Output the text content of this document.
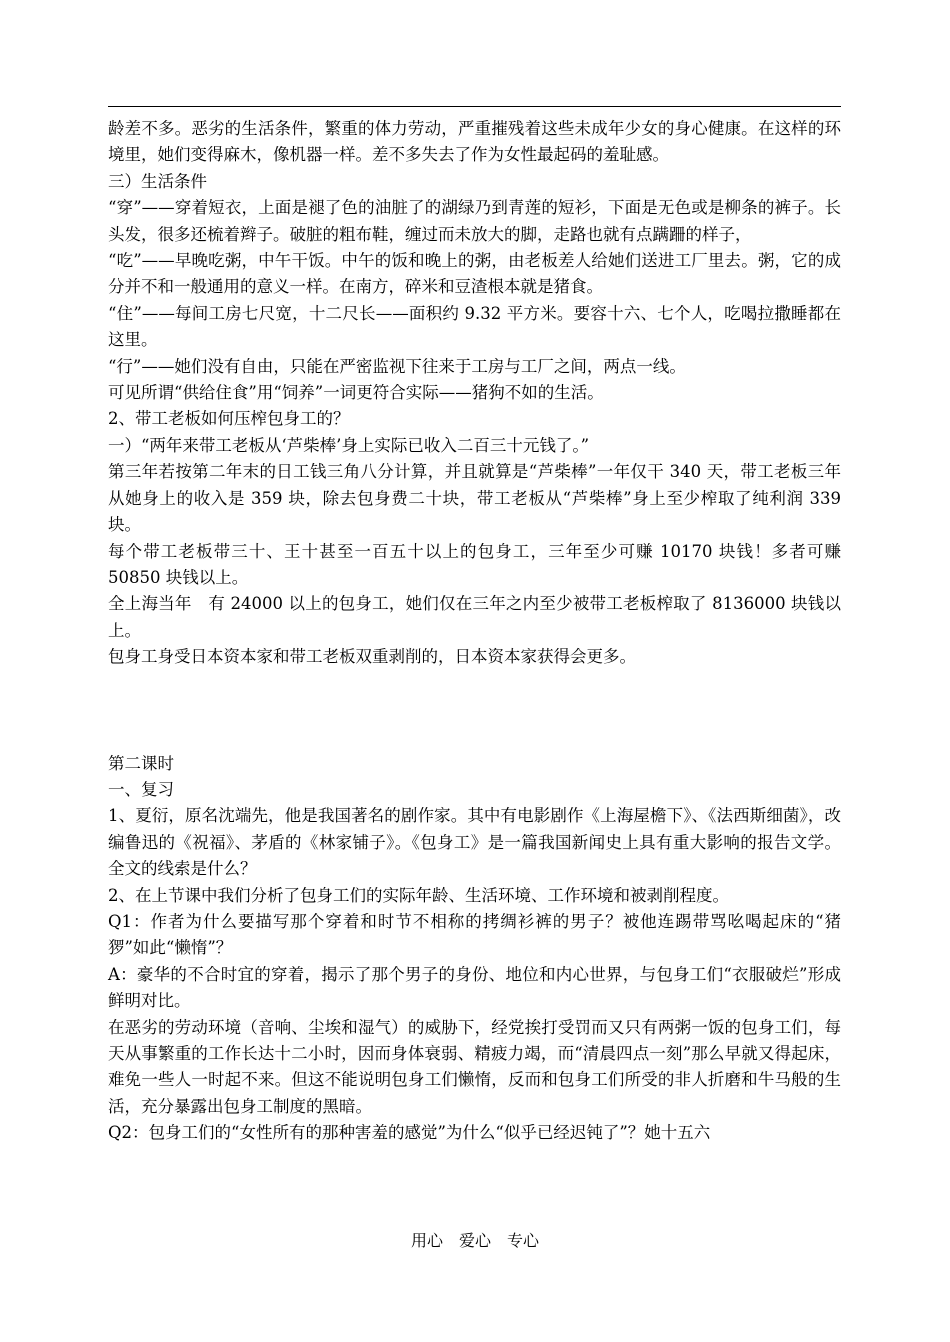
龄差不多。恶劣的生活条件，繁重的体力劳动，严重摧残着这些未成年少女的身心健康。在这样的环境里，她们变得麻木，像机器一样。差不多失去了作为女性最起码的羞耻感。

三）生活条件

“穿”——穿着短衣，上面是褪了色的油脏了的湖绿乃到青莲的短衫，下面是无色或是柳条的裤子。长头发，很多还梳着辫子。破脏的粗布鞋，缠过而未放大的脚，走路也就有点蹒跚的样子，

“吃”——早晚吃粥，中午干饭。中午的饭和晚上的粥，由老板差人给她们送进工厂里去。粥，它的成分并不和一般通用的意义一样。在南方，碎米和豆渣根本就是猪食。

“住”——每间工房七尺宽，十二尺长——面积约 9.32 平方米。要容十六、七个人，吃喝拉撒睡都在这里。

“行”——她们没有自由，只能在严密监视下往来于工房与工厂之间，两点一线。

可见所谓“供给住食”用“饲养”一词更符合实际——猪狗不如的生活。

2、带工老板如何压榨包身工的？

一）“两年来带工老板从‘芦柴棒’身上实际已收入二百三十元钱了。”

第三年若按第二年末的日工钱三角八分计算，并且就算是“芦柴棒”一年仅干 340 天，带工老板三年从她身上的收入是 359 块，除去包身费二十块，带工老板从“芦柴棒”身上至少榨取了纯利润 339 块。

每个带工老板带三十、王十甚至一百五十以上的包身工，三年至少可赚 10170 块钱！多者可赚 50850 块钱以上。

全上海当年　有 24000 以上的包身工，她们仅在三年之内至少被带工老板榨取了 8136000 块钱以上。

包身工身受日本资本家和带工老板双重剥削的，日本资本家获得会更多。

第二课时

一、复习

1、夏衍，原名沈端先，他是我国著名的剧作家。其中有电影剧作《上海屋檐下》、《法西斯细菌》，改编鲁迅的《祝福》、茅盾的《林家铺子》。《包身工》是一篇我国新闻史上具有重大影响的报告文学。全文的线索是什么？

2、在上节课中我们分析了包身工们的实际年龄、生活环境、工作环境和被剥削程度。

Q1：作者为什么要描写那个穿着和时节不相称的拷绸衫裤的男子？被他连踢带骂吆喝起床的“猪猡”如此“懒惰”？

A：豪华的不合时宜的穿着，揭示了那个男子的身份、地位和内心世界，与包身工们“衣服破烂”形成鲜明对比。

在恶劣的劳动环境（音响、尘埃和湿气）的威胁下，经党挨打受罚而又只有两粥一饭的包身工们，每天从事繁重的工作长达十二小时，因而身体衰弱、精疲力竭，而“清晨四点一刻”那么早就又得起床，难免一些人一时起不来。但这不能说明包身工们懒惰，反而和包身工们所受的非人折磨和牛马般的生活，充分暴露出包身工制度的黑暗。

Q2：包身工们的“女性所有的那种害羞的感觉”为什么“似乎已经迟钝了”？她十五六

用心　爱心　专心
